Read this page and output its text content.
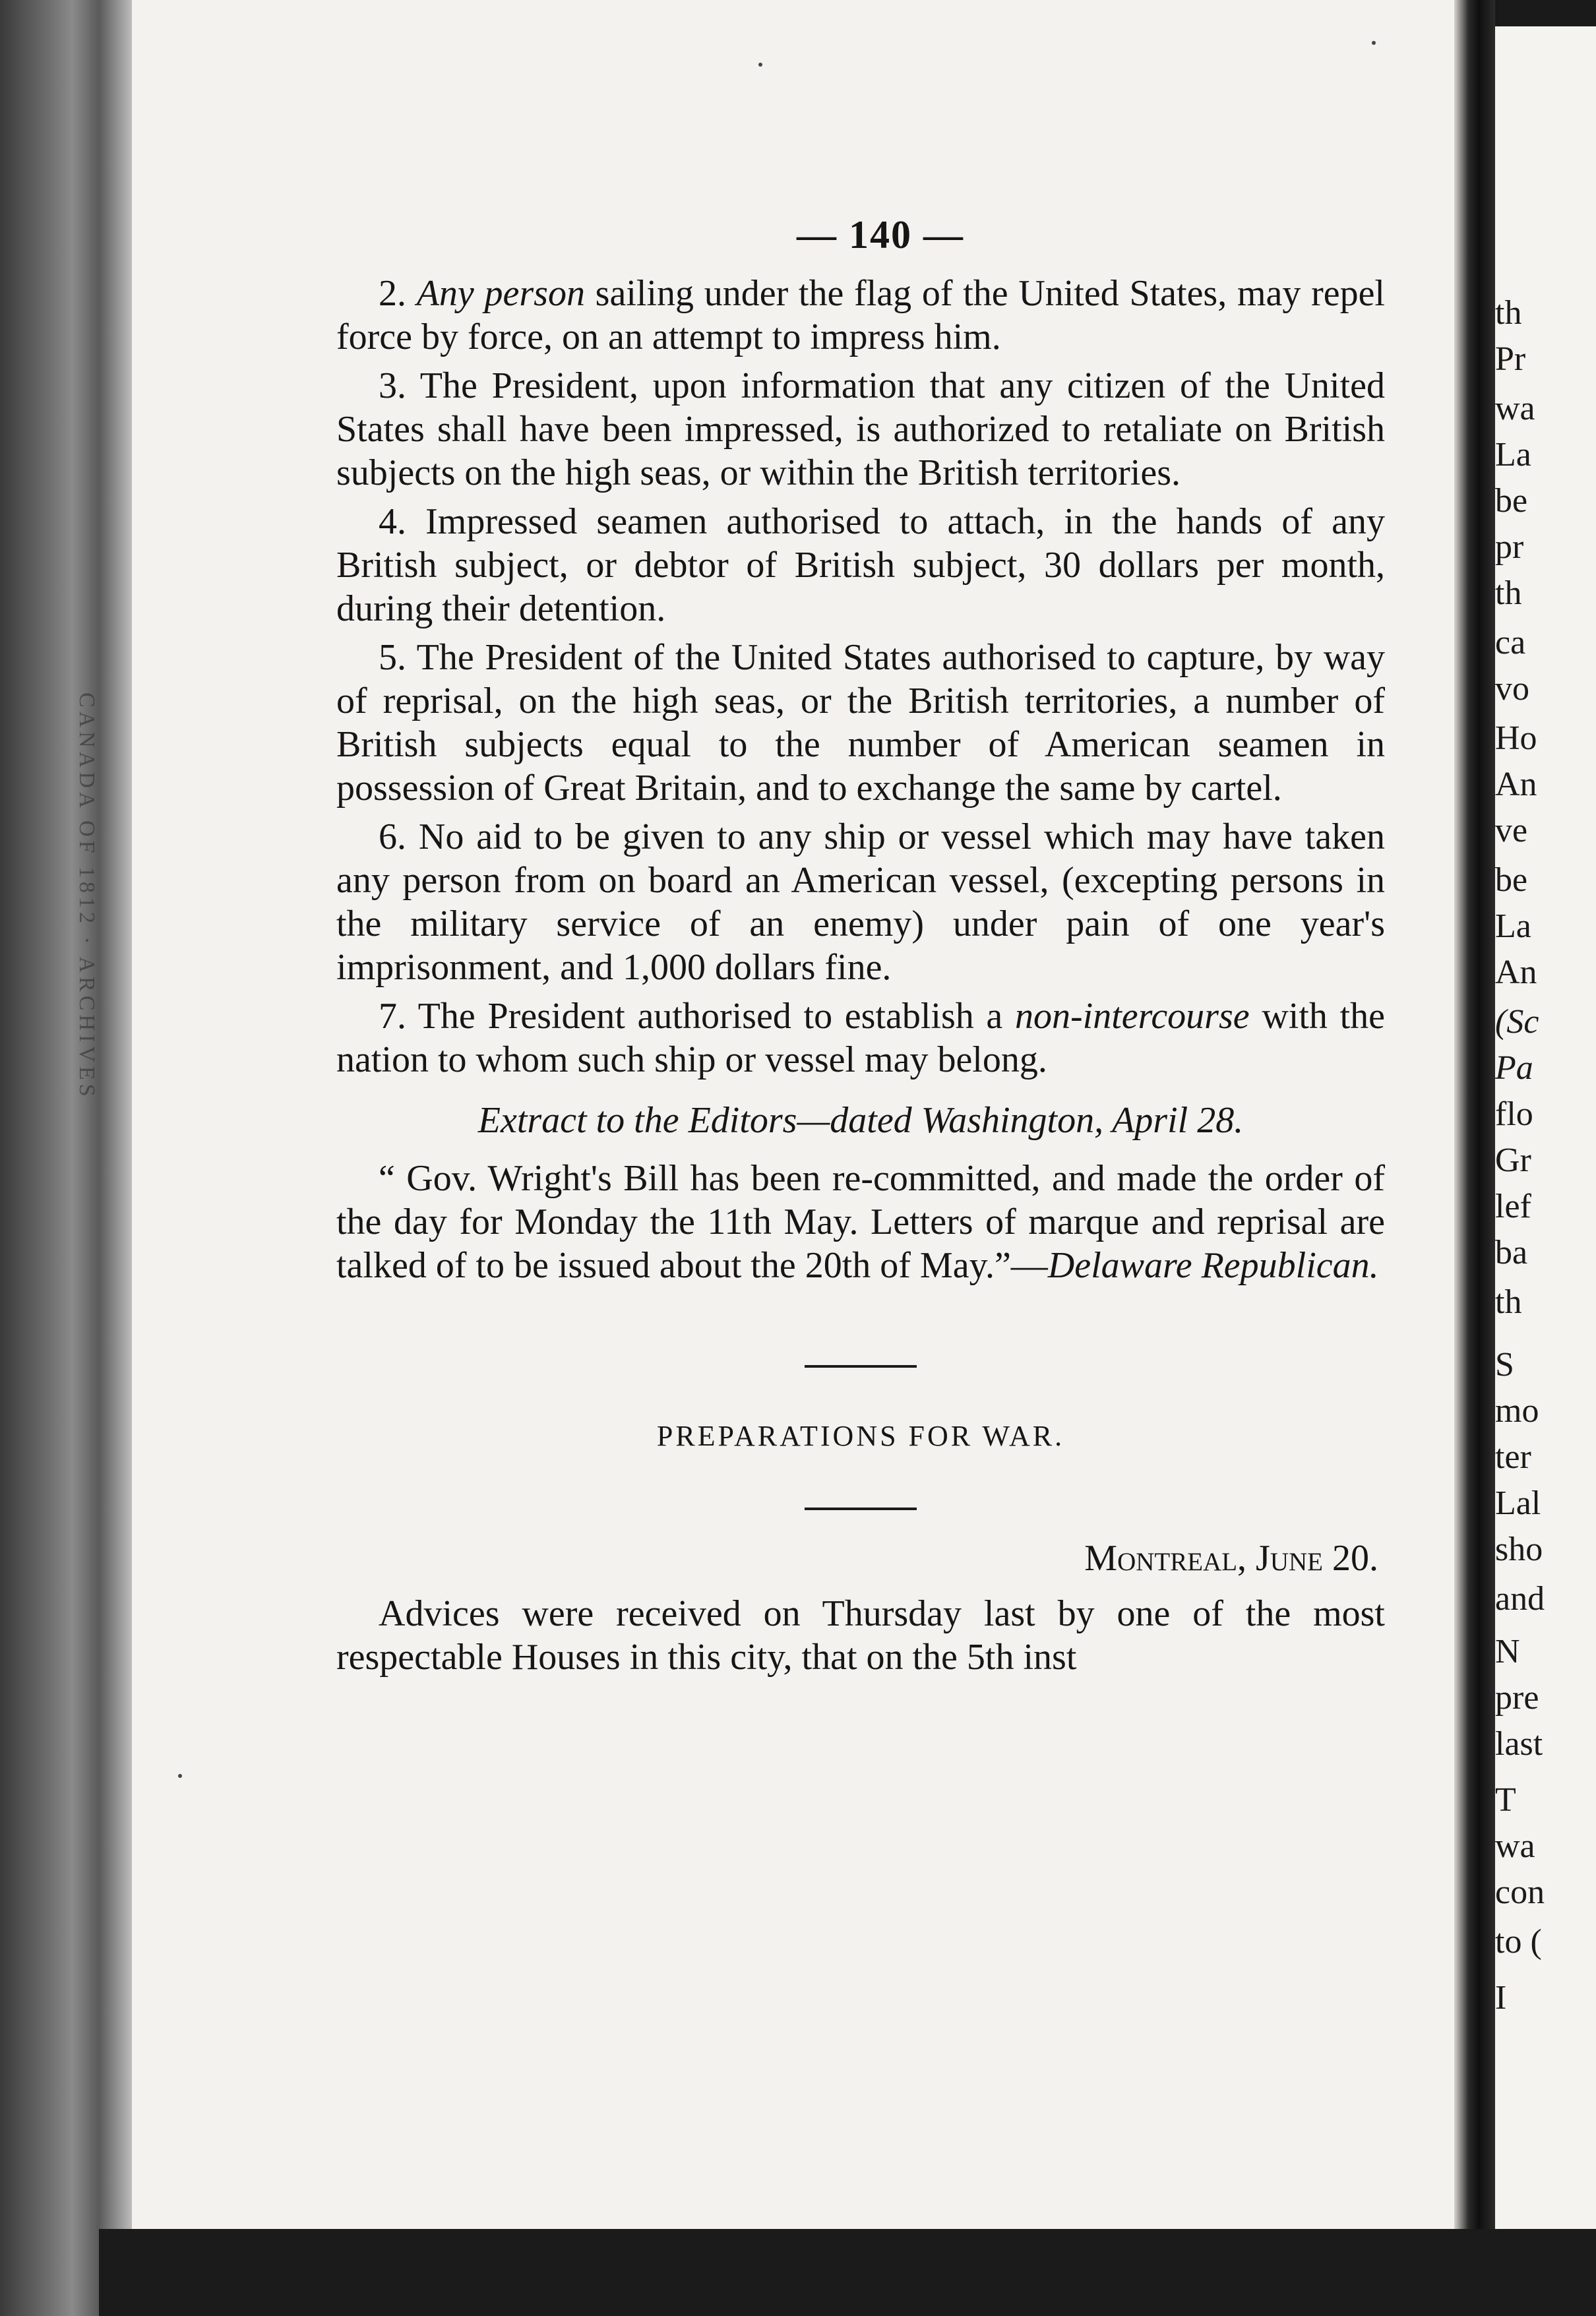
CANADA OF 1812 · ARCHIVES
th
Pr
wa
La
be
pr
th
ca
vo
Ho
An
ve
be
La
An
(Sc
Pa
flo
Gr
lef
ba
th
S
mo
ter
Lal
sho
and
N
pre
last
T
wa
con
to (
I
— 140 —

2. Any person sailing under the flag of the United States, may repel force by force, on an attempt to impress him.

3. The President, upon information that any citizen of the United States shall have been impressed, is authorized to retaliate on British subjects on the high seas, or within the British territories.

4. Impressed seamen authorised to attach, in the hands of any British subject, or debtor of British subject, 30 dollars per month, during their detention.

5. The President of the United States authorised to capture, by way of reprisal, on the high seas, or the British territories, a number of British subjects equal to the number of American seamen in possession of Great Britain, and to exchange the same by cartel.

6. No aid to be given to any ship or vessel which may have taken any person from on board an American vessel, (excepting persons in the military service of an enemy) under pain of one year's imprisonment, and 1,000 dollars fine.

7. The President authorised to establish a non-intercourse with the nation to whom such ship or vessel may belong.

Extract to the Editors—dated Washington, April 28.

“ Gov. Wright's Bill has been re-committed, and made the order of the day for Monday the 11th May. Letters of marque and reprisal are talked of to be issued about the 20th of May.”—Delaware Republican.

PREPARATIONS FOR WAR.
Montreal, June 20.

Advices were received on Thursday last by one of the most respectable Houses in this city, that on the 5th inst
